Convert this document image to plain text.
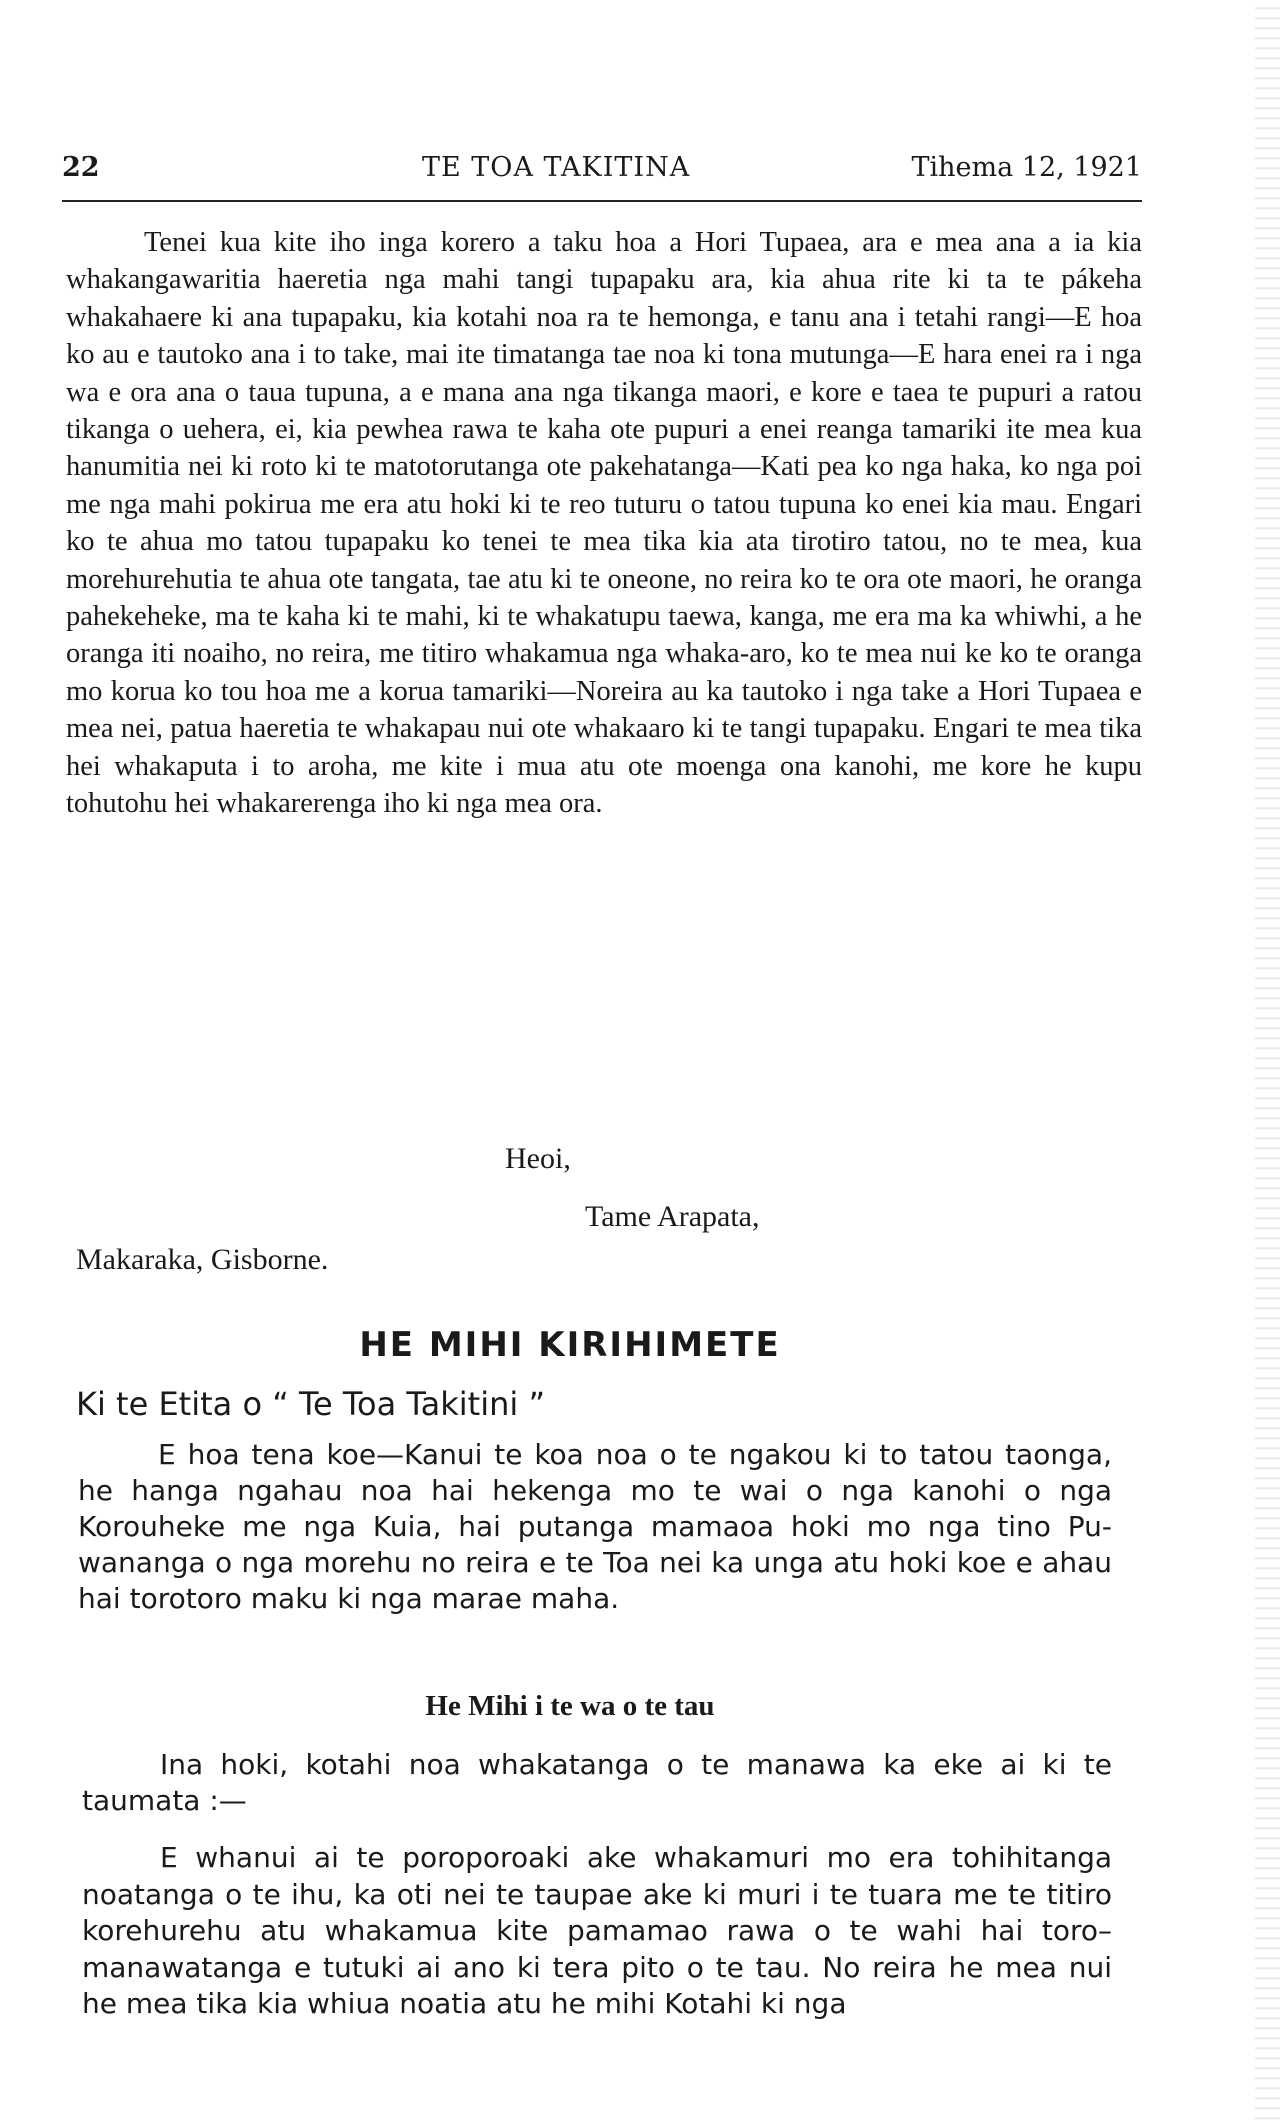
22	TE TOA TAKITINA	Tihema 12, 1921

Tenei kua kite iho inga korero a taku hoa a Hori Tupaea, ara e mea ana a ia kia whakangawaritia haeretia nga mahi tangi tupapaku ara, kia ahua rite ki ta te pákeha whakahaere ki ana tupapaku, kia kotahi noa ra te hemonga, e tanu ana i tetahi rangi—E hoa ko au e tautoko ana i to take, mai ite timatanga tae noa ki tona mutunga—E hara enei ra i nga wa e ora ana o taua tupuna, a e mana ana nga tikanga maori, e kore e taea te pupuri a ratou tikanga o uehera, ei, kia pewhea rawa te kaha ote pupuri a enei reanga tamariki ite mea kua hanumitia nei ki roto ki te matotorutanga ote pakehatanga—Kati pea ko nga haka, ko nga poi me nga mahi pokirua me era atu hoki ki te reo tuturu o tatou tupuna ko enei kia mau. Engari ko te ahua mo tatou tupapaku ko tenei te mea tika kia ata tirotiro tatou, no te mea, kua morehurehutia te ahua ote tangata, tae atu ki te oneone, no reira ko te ora ote maori, he oranga pahekeheke, ma te kaha ki te mahi, ki te whakatupu taewa, kanga, me era ma ka whiwhi, a he oranga iti noaiho, no reira, me titiro whakamua nga whaka-aro, ko te mea nui ke ko te oranga mo korua ko tou hoa me a korua tamariki—Noreira au ka tautoko i nga take a Hori Tupaea e mea nei, patua haeretia te whakapau nui ote whakaaro ki te tangi tupapaku. Engari te mea tika hei whakaputa i to aroha, me kite i mua atu ote moenga ona kanohi, me kore he kupu tohutohu hei whakarerenga iho ki nga mea ora.

Heoi,
Tame Arapata,
Makaraka, Gisborne.
HE MIHI KIRIHIMETE
Ki te Etita o “ Te Toa Takitini ”

E hoa tena koe—Kanui te koa noa o te ngakou ki to tatou taonga, he hanga ngahau noa hai hekenga mo te wai o nga kanohi o nga Korouheke me nga Kuia, hai putanga mamaoa hoki mo nga tino Pu-wananga o nga morehu no reira e te Toa nei ka unga atu hoki koe e ahau hai torotoro maku ki nga marae maha.

He Mihi i te wa o te tau

Ina hoki, kotahi noa whakatanga o te manawa ka eke ai ki te taumata :—

E whanui ai te poroporoaki ake whakamuri mo era tohihitanga noatanga o te ihu, ka oti nei te taupae ake ki muri i te tuara me te titiro korehurehu atu whakamua kite pamamao rawa o te wahi hai toro–manawatanga e tutuki ai ano ki tera pito o te tau. No reira he mea nui he mea tika kia whiua noatia atu he mihi Kotahi ki nga
